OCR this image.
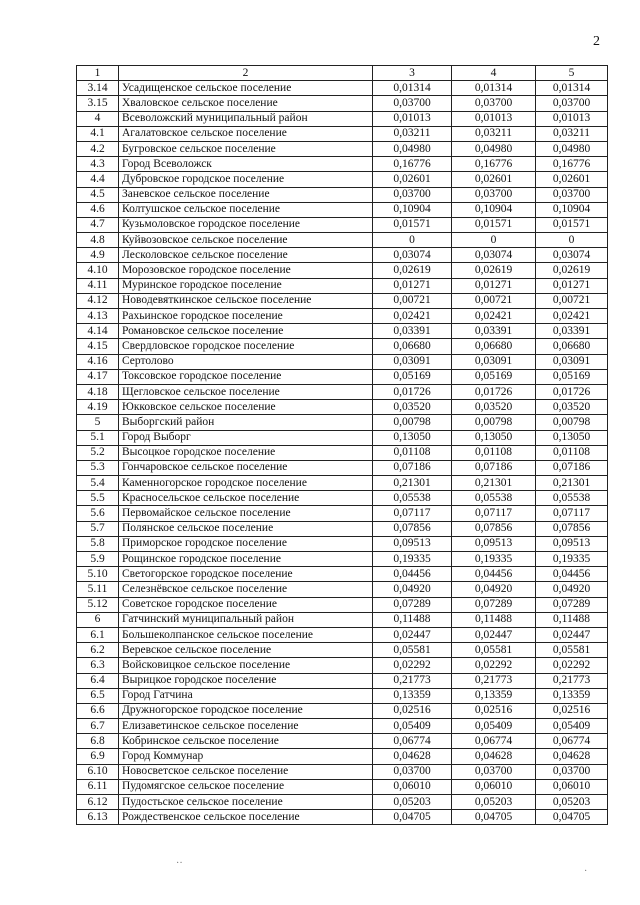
2
1	2	3	4	5
3.14	Усадищенское сельское поселение	0,01314	0,01314	0,01314
3.15	Хваловское сельское поселение	0,03700	0,03700	0,03700
4	Всеволожский муниципальный район	0,01013	0,01013	0,01013
4.1	Агалатовское сельское поселение	0,03211	0,03211	0,03211
4.2	Бугровское сельское поселение	0,04980	0,04980	0,04980
4.3	Город Всеволожск	0,16776	0,16776	0,16776
4.4	Дубровское городское поселение	0,02601	0,02601	0,02601
4.5	Заневское сельское поселение	0,03700	0,03700	0,03700
4.6	Колтушское сельское поселение	0,10904	0,10904	0,10904
4.7	Кузьмоловское городское поселение	0,01571	0,01571	0,01571
4.8	Куйвозовское сельское поселение	0	0	0
4.9	Лесколовское сельское поселение	0,03074	0,03074	0,03074
4.10	Морозовское городское поселение	0,02619	0,02619	0,02619
4.11	Муринское городское поселение	0,01271	0,01271	0,01271
4.12	Новодевяткинское сельское поселение	0,00721	0,00721	0,00721
4.13	Рахьинское городское поселение	0,02421	0,02421	0,02421
4.14	Романовское сельское поселение	0,03391	0,03391	0,03391
4.15	Свердловское городское поселение	0,06680	0,06680	0,06680
4.16	Сертолово	0,03091	0,03091	0,03091
4.17	Токсовское городское поселение	0,05169	0,05169	0,05169
4.18	Щегловское сельское поселение	0,01726	0,01726	0,01726
4.19	Юкковское сельское поселение	0,03520	0,03520	0,03520
5	Выборгский район	0,00798	0,00798	0,00798
5.1	Город Выборг	0,13050	0,13050	0,13050
5.2	Высоцкое городское поселение	0,01108	0,01108	0,01108
5.3	Гончаровское сельское поселение	0,07186	0,07186	0,07186
5.4	Каменногорское городское поселение	0,21301	0,21301	0,21301
5.5	Красносельское сельское поселение	0,05538	0,05538	0,05538
5.6	Первомайское сельское поселение	0,07117	0,07117	0,07117
5.7	Полянское сельское поселение	0,07856	0,07856	0,07856
5.8	Приморское городское поселение	0,09513	0,09513	0,09513
5.9	Рощинское городское поселение	0,19335	0,19335	0,19335
5.10	Светогорское городское поселение	0,04456	0,04456	0,04456
5.11	Селезнёвское сельское поселение	0,04920	0,04920	0,04920
5.12	Советское городское поселение	0,07289	0,07289	0,07289
6	Гатчинский муниципальный район	0,11488	0,11488	0,11488
6.1	Большеколпанское сельское поселение	0,02447	0,02447	0,02447
6.2	Веревское сельское поселение	0,05581	0,05581	0,05581
6.3	Войсковицкое сельское поселение	0,02292	0,02292	0,02292
6.4	Вырицкое городское поселение	0,21773	0,21773	0,21773
6.5	Город Гатчина	0,13359	0,13359	0,13359
6.6	Дружногорское городское поселение	0,02516	0,02516	0,02516
6.7	Елизаветинское сельское поселение	0,05409	0,05409	0,05409
6.8	Кобринское сельское поселение	0,06774	0,06774	0,06774
6.9	Город Коммунар	0,04628	0,04628	0,04628
6.10	Новосветское сельское поселение	0,03700	0,03700	0,03700
6.11	Пудомягское сельское поселение	0,06010	0,06010	0,06010
6.12	Пудостьское сельское поселение	0,05203	0,05203	0,05203
6.13	Рождественское сельское поселение	0,04705	0,04705	0,04705
··
·
